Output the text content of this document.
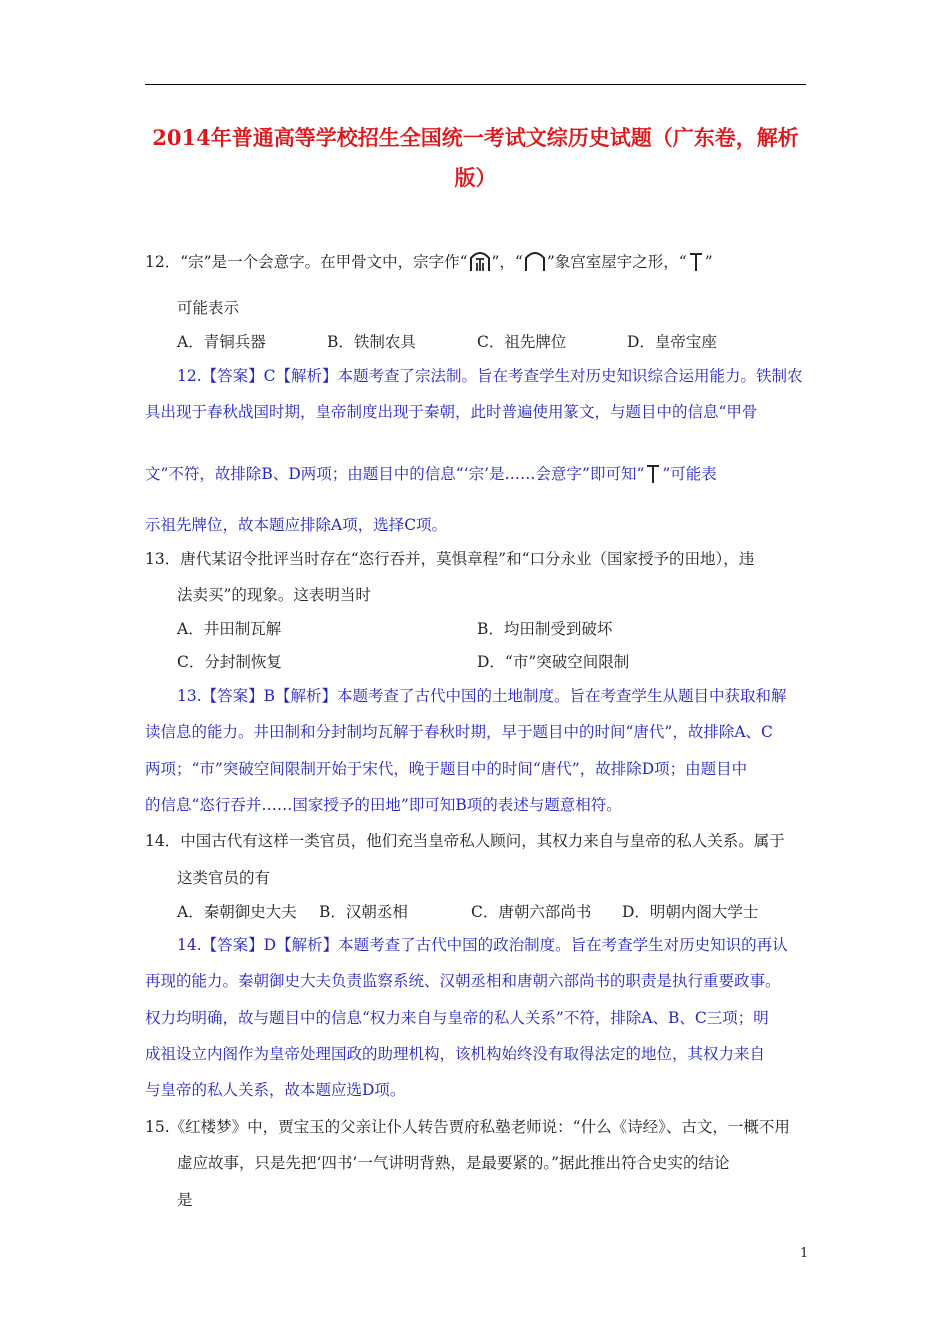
2014年普通高等学校招生全国统一考试文综历史试题（广东卷，解析
版）
12．“宗”是一个会意字。在甲骨文中，宗字作“ ”，“ ”象宫室屋宇之形，“ ”
可能表示
A．青铜兵器	B．铁制农具	C．祖先牌位	D．皇帝宝座
12.【答案】C【解析】本题考查了宗法制。旨在考查学生对历史知识综合运用能力。铁制农
具出现于春秋战国时期，皇帝制度出现于秦朝，此时普遍使用篆文，与题目中的信息“甲骨
文”不符，故排除B、D两项；由题目中的信息“‘宗’是……会意字”即可知“ ”可能表
示祖先牌位，故本题应排除A项，选择C项。
13．唐代某诏令批评当时存在“恣行吞并，莫惧章程”和“口分永业（国家授予的田地），违
法卖买”的现象。这表明当时
A．井田制瓦解	B．均田制受到破坏
C．分封制恢复	D．“市”突破空间限制
13.【答案】B【解析】本题考查了古代中国的土地制度。旨在考查学生从题目中获取和解
读信息的能力。井田制和分封制均瓦解于春秋时期，早于题目中的时间“唐代”，故排除A、C
两项；“市”突破空间限制开始于宋代，晚于题目中的时间“唐代”，故排除D项；由题目中
的信息“恣行吞并……国家授予的田地”即可知B项的表述与题意相符。
14．中国古代有这样一类官员，他们充当皇帝私人顾问，其权力来自与皇帝的私人关系。属于
这类官员的有
A．秦朝御史大夫 B．汉朝丞相	C．唐朝六部尚书 D．明朝内阁大学士
14.【答案】D【解析】本题考查了古代中国的政治制度。旨在考查学生对历史知识的再认
再现的能力。秦朝御史大夫负责监察系统、汉朝丞相和唐朝六部尚书的职责是执行重要政事。
权力均明确，故与题目中的信息“权力来自与皇帝的私人关系”不符，排除A、B、C三项；明
成祖设立内阁作为皇帝处理国政的助理机构，该机构始终没有取得法定的地位，其权力来自
与皇帝的私人关系，故本题应选D项。
15.《红楼梦》中，贾宝玉的父亲让仆人转告贾府私塾老师说：“什么《诗经》、古文，一概不用
虚应故事，只是先把‘四书’一气讲明背熟，是最要紧的。”据此推出符合史实的结论
是
1
